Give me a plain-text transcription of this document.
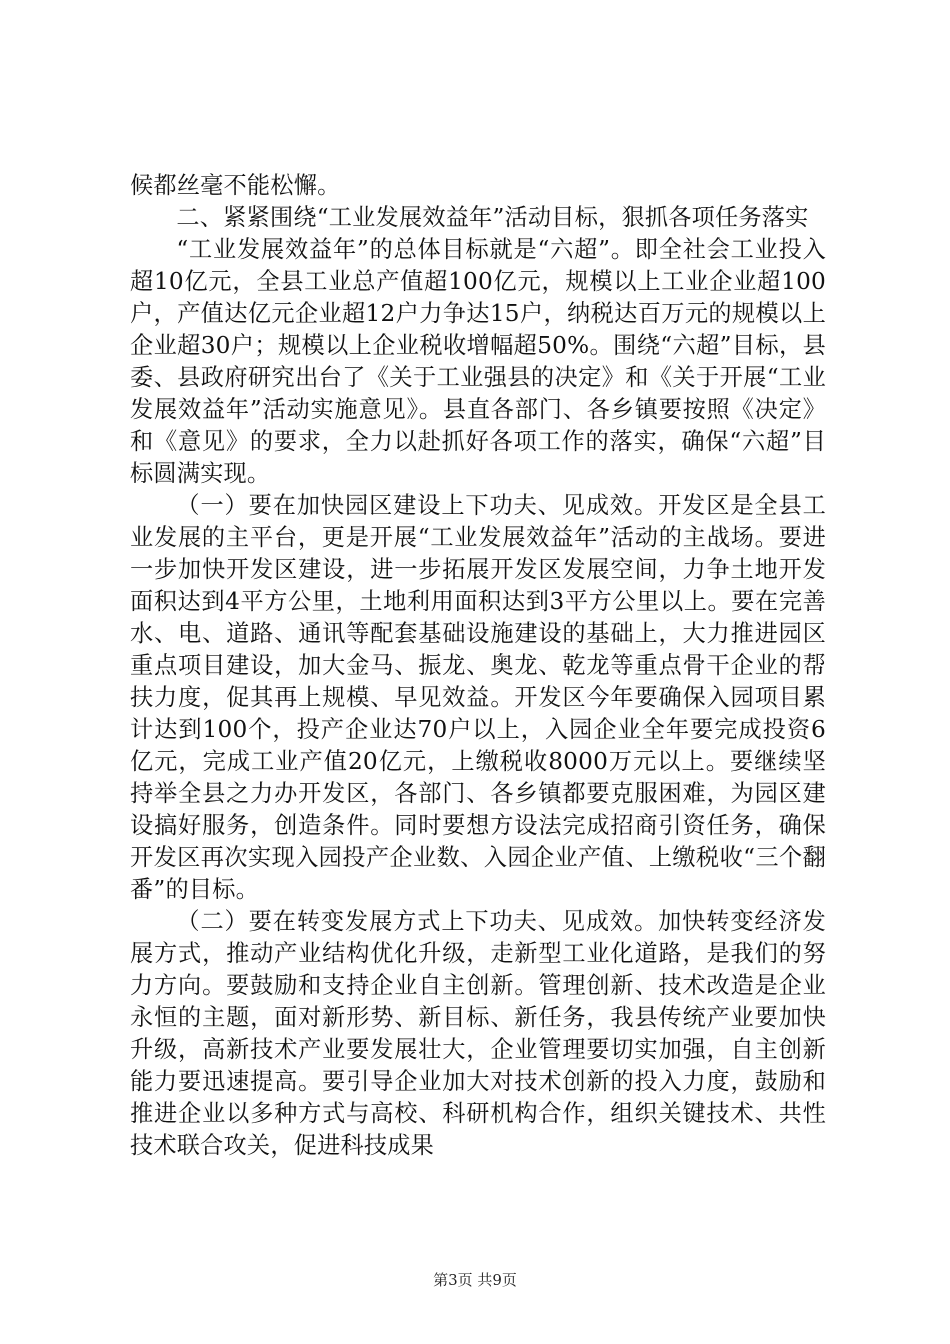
候都丝毫不能松懈。

二、紧紧围绕“工业发展效益年”活动目标，狠抓各项任务落实

“工业发展效益年”的总体目标就是“六超”。即全社会工业投入超10亿元，全县工业总产值超100亿元，规模以上工业企业超100户，产值达亿元企业超12户力争达15户，纳税达百万元的规模以上企业超30户；规模以上企业税收增幅超50%。围绕“六超”目标，县委、县政府研究出台了《关于工业强县的决定》和《关于开展“工业发展效益年”活动实施意见》。县直各部门、各乡镇要按照《决定》和《意见》的要求，全力以赴抓好各项工作的落实，确保“六超”目标圆满实现。

（一）要在加快园区建设上下功夫、见成效。开发区是全县工业发展的主平台，更是开展“工业发展效益年”活动的主战场。要进一步加快开发区建设，进一步拓展开发区发展空间，力争土地开发面积达到4平方公里，土地利用面积达到3平方公里以上。要在完善水、电、道路、通讯等配套基础设施建设的基础上，大力推进园区重点项目建设，加大金马、振龙、奥龙、乾龙等重点骨干企业的帮扶力度，促其再上规模、早见效益。开发区今年要确保入园项目累计达到100个，投产企业达70户以上，入园企业全年要完成投资6亿元，完成工业产值20亿元，上缴税收8000万元以上。要继续坚持举全县之力办开发区，各部门、各乡镇都要克服困难，为园区建设搞好服务，创造条件。同时要想方设法完成招商引资任务，确保开发区再次实现入园投产企业数、入园企业产值、上缴税收“三个翻番”的目标。

（二）要在转变发展方式上下功夫、见成效。加快转变经济发展方式，推动产业结构优化升级，走新型工业化道路，是我们的努力方向。要鼓励和支持企业自主创新。管理创新、技术改造是企业永恒的主题，面对新形势、新目标、新任务，我县传统产业要加快升级，高新技术产业要发展壮大，企业管理要切实加强，自主创新能力要迅速提高。要引导企业加大对技术创新的投入力度，鼓励和推进企业以多种方式与高校、科研机构合作，组织关键技术、共性技术联合攻关，促进科技成果

第3页 共9页
